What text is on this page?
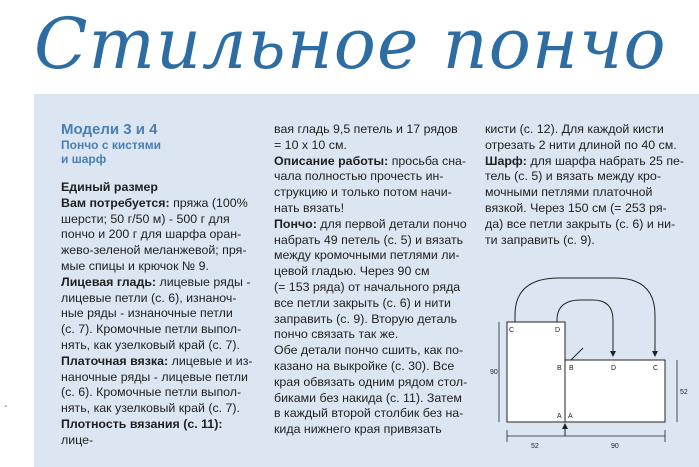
Стильное пончо
-
Модели 3 и 4
Пончо с кистями
и шарф

Единый размер

Вам потребуется: пряжа (100%

шерсти; 50 г/50 м) - 500 г для

пончо и 200 г для шарфа оран-

жево-зеленой меланжевой; пря-

мые спицы и крючок № 9.

Лицевая гладь: лицевые ряды -

лицевые петли (с. 6), изнаноч-

ные ряды - изнаночные петли

(с. 7). Кромочные петли выпол-

нять, как узелковый край (с. 7).

Платочная вязка: лицевые и из-

наночные ряды - лицевые петли

(с. 6). Кромочные петли выпол-

нять, как узелковый край (с. 7).

Плотность вязания (с. 11): лице-

вая гладь 9,5 петель и 17 рядов

= 10 х 10 см.

Описание работы: просьба сна-

чала полностью прочесть ин-

струкцию и только потом начи-

нать вязать!

Пончо: для первой детали пончо

набрать 49 петель (с. 5) и вязать

между кромочными петлями ли-

цевой гладью. Через 90 см

(= 153 ряда) от начального ряда

все петли закрыть (с. 6) и нити

заправить (с. 9). Вторую деталь

пончо связать так же.

Обе детали пончо сшить, как по-

казано на выкройке (с. 30). Все

края обвязать одним рядом стол-

биками без накида (с. 11). Затем

в каждый второй столбик без на-

кида нижнего края привязать

кисти (с. 12). Для каждой кисти

отрезать 2 нити длиной по 40 см.

Шарф: для шарфа набрать 25 пе-

тель (с. 5) и вязать между кро-

мочными петлями платочной

вязкой. Через 150 см (= 253 ря-

да) все петли закрыть (с. 6) и ни-

ти заправить (с. 9).

C	D
B B	D	C
A A
90
52
52	90
